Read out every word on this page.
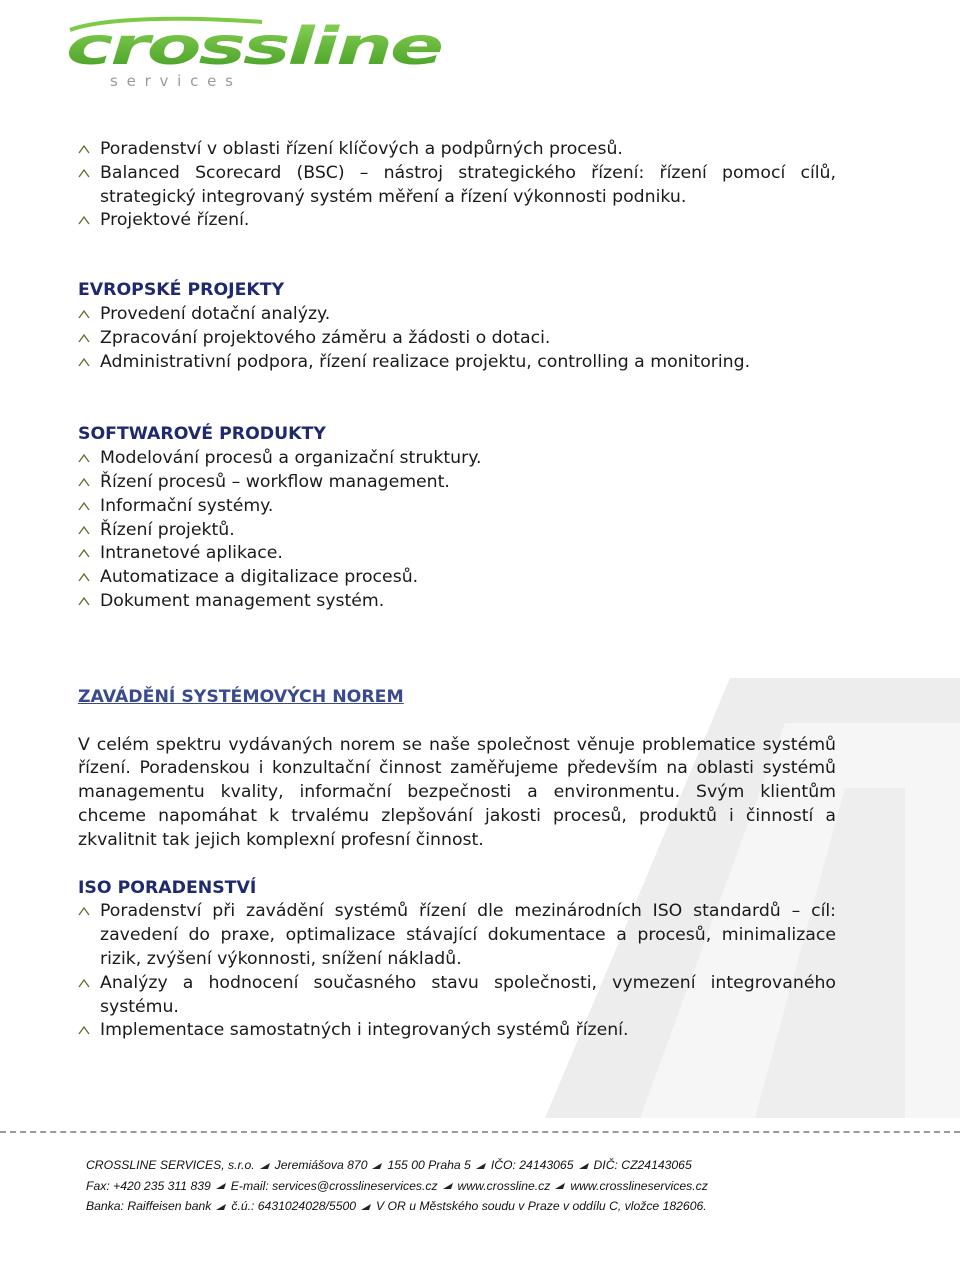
crossline
s e r v i c e s
Poradenství v oblasti řízení klíčových a podpůrných procesů.
Balanced Scorecard (BSC) – nástroj strategického řízení: řízení pomocí cílů, strategický integrovaný systém měření a řízení výkonnosti podniku.
Projektové řízení.
EVROPSKÉ PROJEKTY
Provedení dotační analýzy.
Zpracování projektového záměru a žádosti o dotaci.
Administrativní podpora, řízení realizace projektu, controlling a monitoring.
SOFTWAROVÉ PRODUKTY
Modelování procesů a organizační struktury.
Řízení procesů – workflow management.
Informační systémy.
Řízení projektů.
Intranetové aplikace.
Automatizace a digitalizace procesů.
Dokument management systém.
ZAVÁDĚNÍ SYSTÉMOVÝCH NOREM

V celém spektru vydávaných norem se naše společnost věnuje problematice systémů řízení. Poradenskou i konzultační činnost zaměřujeme především na oblasti systémů managementu kvality, informační bezpečnosti a environmentu. Svým klientům chceme napomáhat k trvalému zlepšování jakosti procesů, produktů i činností a zkvalitnit tak jejich komplexní profesní činnost.

ISO PORADENSTVÍ
Poradenství při zavádění systémů řízení dle mezinárodních ISO standardů – cíl: zavedení do praxe, optimalizace stávající dokumentace a procesů, minimalizace rizik, zvýšení výkonnosti, snížení nákladů.
Analýzy a hodnocení současného stavu společnosti, vymezení integrovaného systému.
Implementace samostatných i integrovaných systémů řízení.
CROSSLINE SERVICES, s.r.o. Jeremiášova 870 155 00 Praha 5 IČO: 24143065 DIČ: CZ24143065
Fax: +420 235 311 839 E-mail: services@crosslineservices.cz www.crossline.cz www.crosslineservices.cz
Banka: Raiffeisen bank č.ú.: 6431024028/5500 V OR u Městského soudu v Praze v oddílu C, vložce 182606.
